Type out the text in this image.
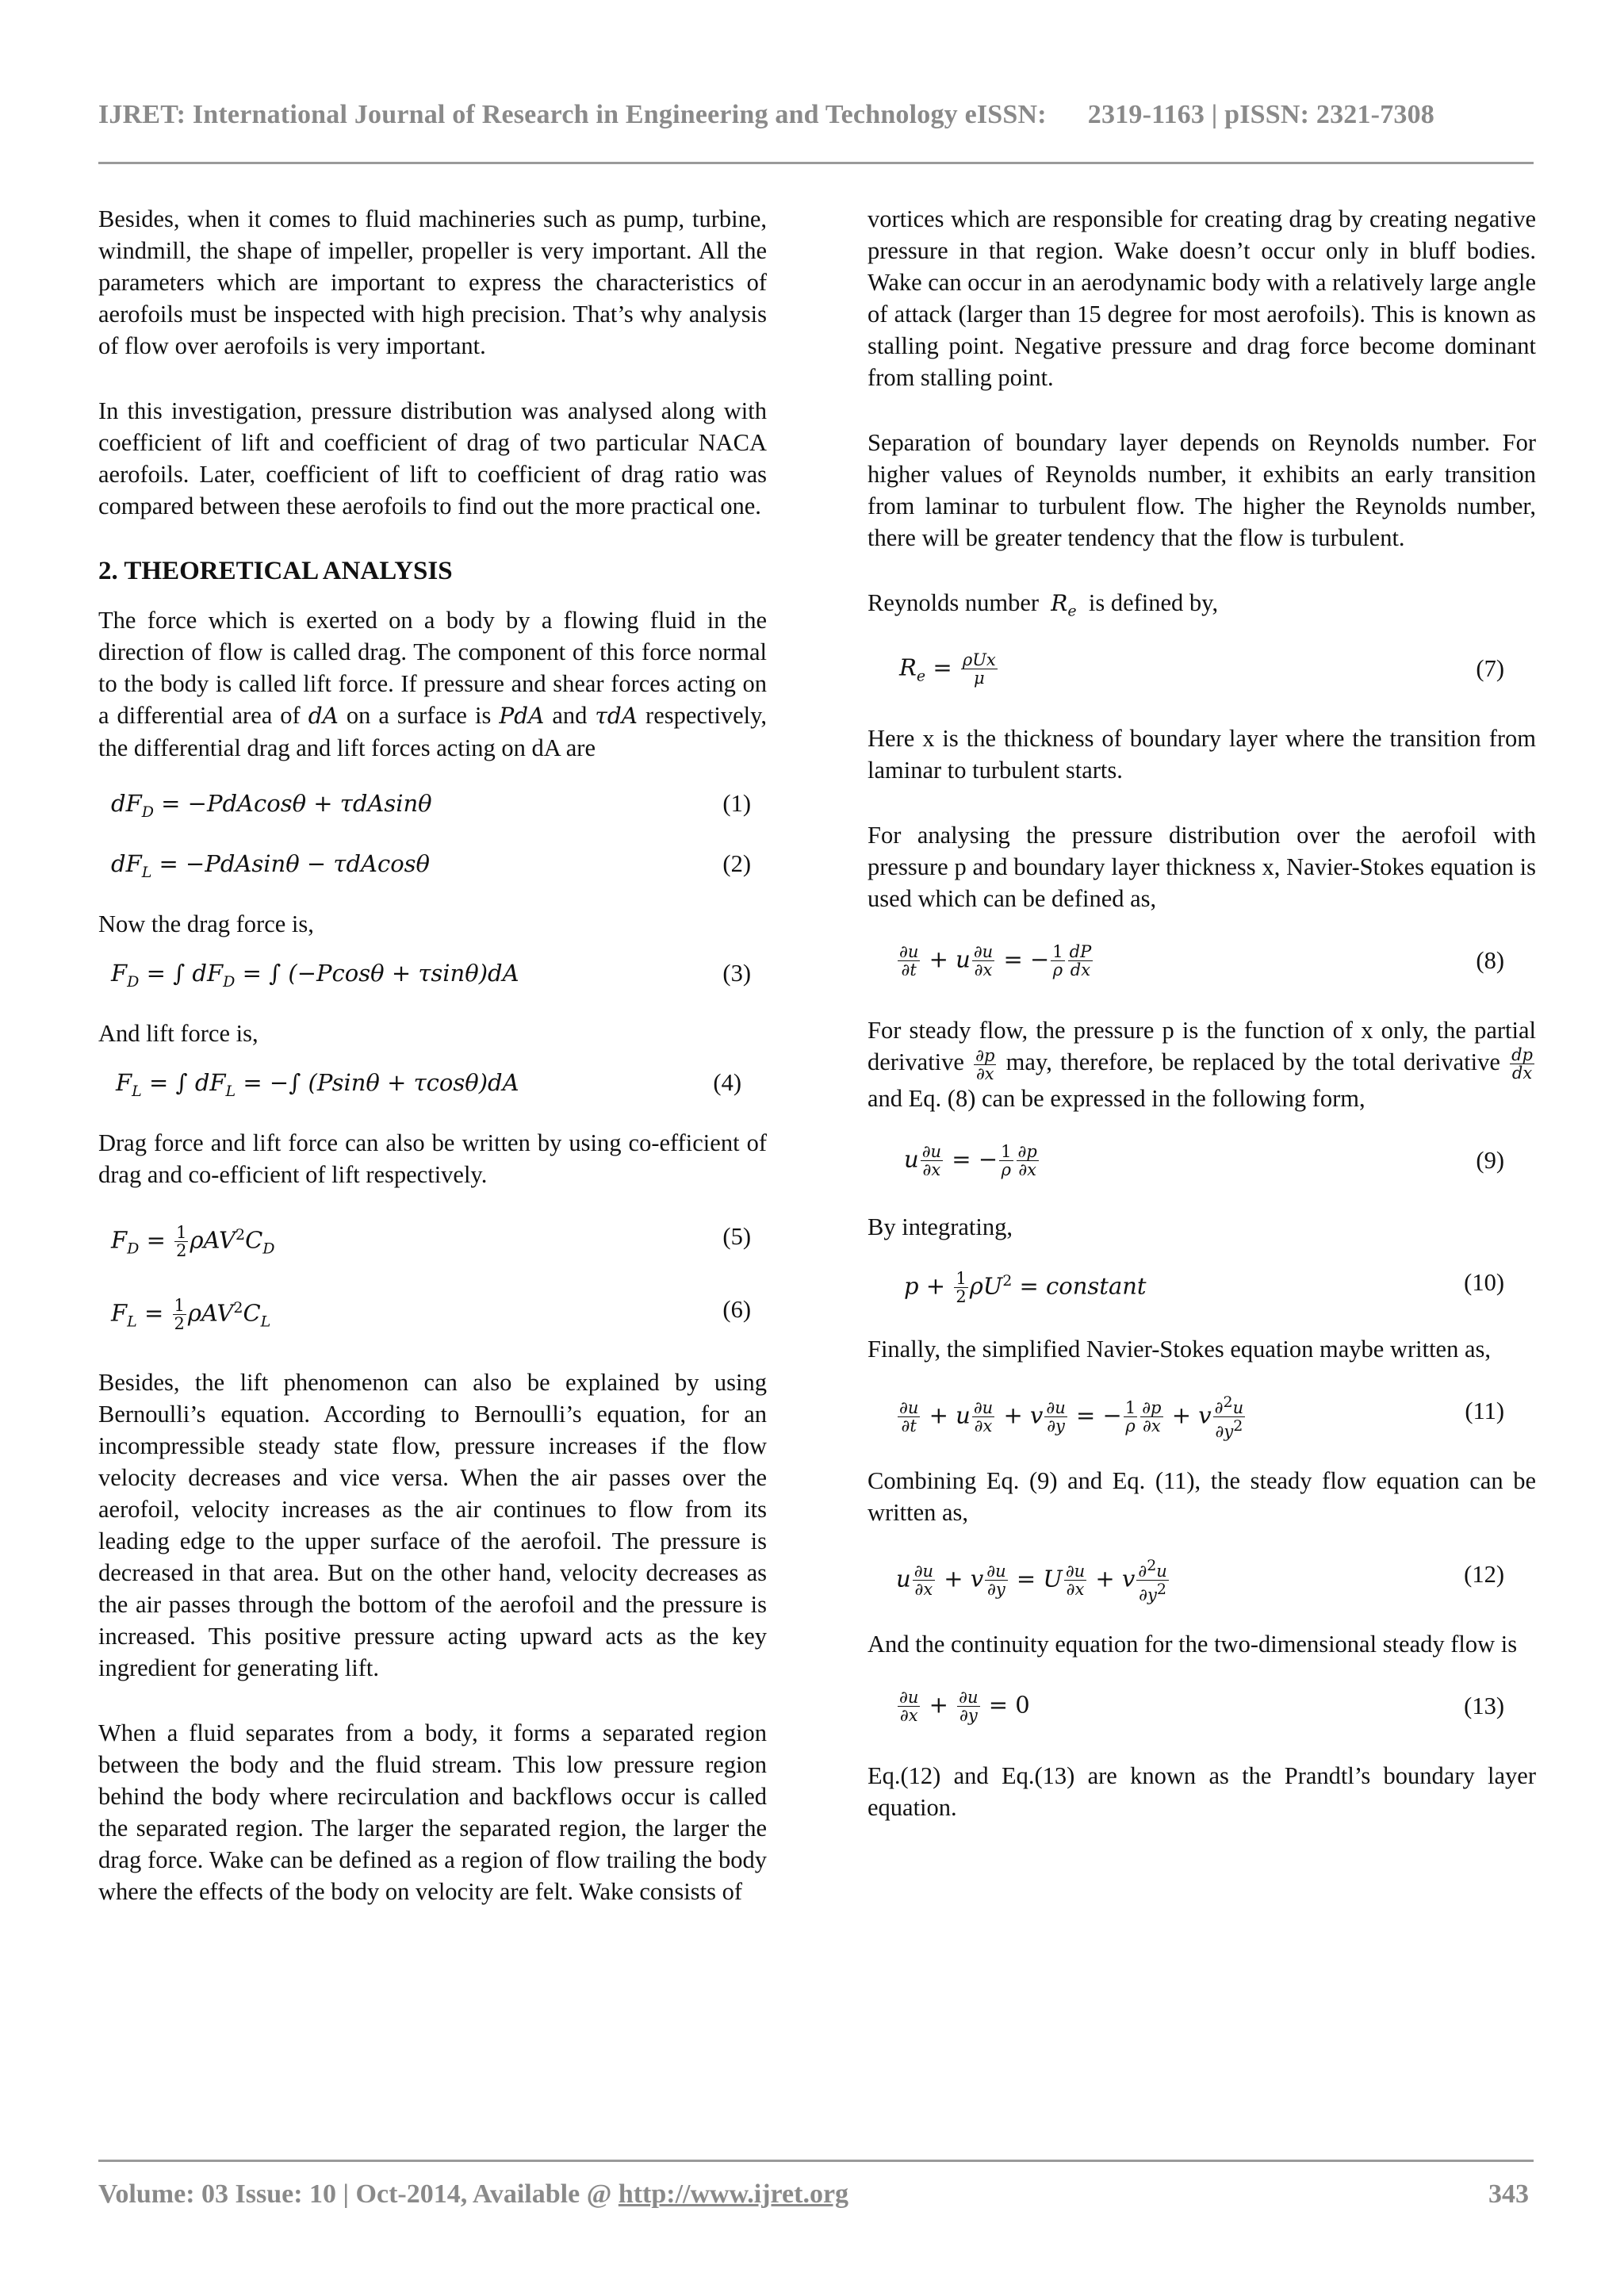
IJRET: International Journal of Research in Engineering and Technology eISSN: 2319-1163 | pISSN: 2321-7308

Besides, when it comes to fluid machineries such as pump, turbine, windmill, the shape of impeller, propeller is very important. All the parameters which are important to express the characteristics of aerofoils must be inspected with high precision. That’s why analysis of flow over aerofoils is very important.

In this investigation, pressure distribution was analysed along with coefficient of lift and coefficient of drag of two particular NACA aerofoils. Later, coefficient of lift to coefficient of drag ratio was compared between these aerofoils to find out the more practical one.

2. THEORETICAL ANALYSIS

The force which is exerted on a body by a flowing fluid in the direction of flow is called drag. The component of this force normal to the body is called lift force. If pressure and shear forces acting on a differential area of dA on a surface is PdA and τdA respectively, the differential drag and lift forces acting on dA are

$dF_D = -PdAcos\theta + \tau dAsin\theta$	(1)
$dF_L = -PdAsin\theta - \tau dAcos\theta$	(2)

Now the drag force is,

$F_D$ = ∫ $dF_D$ = ∫ (−Pcosθ + τsinθ)dA	(3)

And lift force is,

$F_L$ = ∫ $dF_L$ = −∫ (Psinθ + τcosθ)dA	(4)

Drag force and lift force can also be written by using co-efficient of drag and co-efficient of lift respectively.

$F_D = \frac{1}{2} \rho AV^2C_D$	(5)
$F_L = \frac{1}{2} \rho AV^2C_L$	(6)

Besides, the lift phenomenon can also be explained by using Bernoulli’s equation. According to Bernoulli’s equation, for an incompressible steady state flow, pressure increases if the flow velocity decreases and vice versa. When the air passes over the aerofoil, velocity increases as the air continues to flow from its leading edge to the upper surface of the aerofoil. The pressure is decreased in that area. But on the other hand, velocity decreases as the air passes through the bottom of the aerofoil and the pressure is increased. This positive pressure acting upward acts as the key ingredient for generating lift.

When a fluid separates from a body, it forms a separated region between the body and the fluid stream. This low pressure region behind the body where recirculation and backflows occur is called the separated region. The larger the separated region, the larger the drag force. Wake can be defined as a region of flow trailing the body where the effects of the body on velocity are felt. Wake consists of

vortices which are responsible for creating drag by creating negative pressure in that region. Wake doesn’t occur only in bluff bodies. Wake can occur in an aerodynamic body with a relatively large angle of attack (larger than 15 degree for most aerofoils). This is known as stalling point. Negative pressure and drag force become dominant from stalling point.

Separation of boundary layer depends on Reynolds number. For higher values of Reynolds number, it exhibits an early transition from laminar to turbulent flow. The higher the Reynolds number, there will be greater tendency that the flow is turbulent.

Reynolds number $R_e$ is defined by,

$R_e = \frac{\text{ρUx}}{\mu}$	(7)

Here x is the thickness of boundary layer where the transition from laminar to turbulent starts.

For analysing the pressure distribution over the aerofoil with pressure p and boundary layer thickness x, Navier-Stokes equation is used which can be defined as,

$\frac{\partial u}{\partial t} + u \frac{\partial u}{\partial x}$ = − $\frac{1}{\rho} \frac{dP}{dx}$	(8)

For steady flow, the pressure p is the function of x only, the partial derivative $\frac{\partial p}{\partial x}$ may, therefore, be replaced by the total derivative $\frac{dp}{dx}$
and Eq. (8) can be expressed in the following form,

u $\frac{\partial u}{\partial x}$ = − $\frac{1}{\rho} \frac{\partial p}{\partial x}$	(9)

By integrating,

$p + \frac{1}{2} \rho U^2$ = constant	(10)

Finally, the simplified Navier-Stokes equation maybe written as,

$\frac{\partial u}{\partial t} + u \frac{\partial u}{\partial x} + v \frac{\partial u}{\partial y}$ = − $\frac{1}{\rho} \frac{\partial p}{\partial x} + v \frac{\partial^2u}{\partial y^2}$	(11)

Combining Eq. (9) and Eq. (11), the steady flow equation can be written as,

u $\frac{\partial u}{\partial x} + v \frac{\partial u}{\partial y} = U \frac{\partial u}{\partial x} + v \frac{\partial^2u}{\partial y^2}$	(12)

And the continuity equation for the two-dimensional steady flow is

$\frac{\partial u}{\partial x} + \frac{\partial u}{\partial y} = 0$	(13)

Eq.(12) and Eq.(13) are known as the Prandtl’s boundary layer equation.

Volume: 03 Issue: 10 | Oct-2014, Available @ http://www.ijret.org	343
